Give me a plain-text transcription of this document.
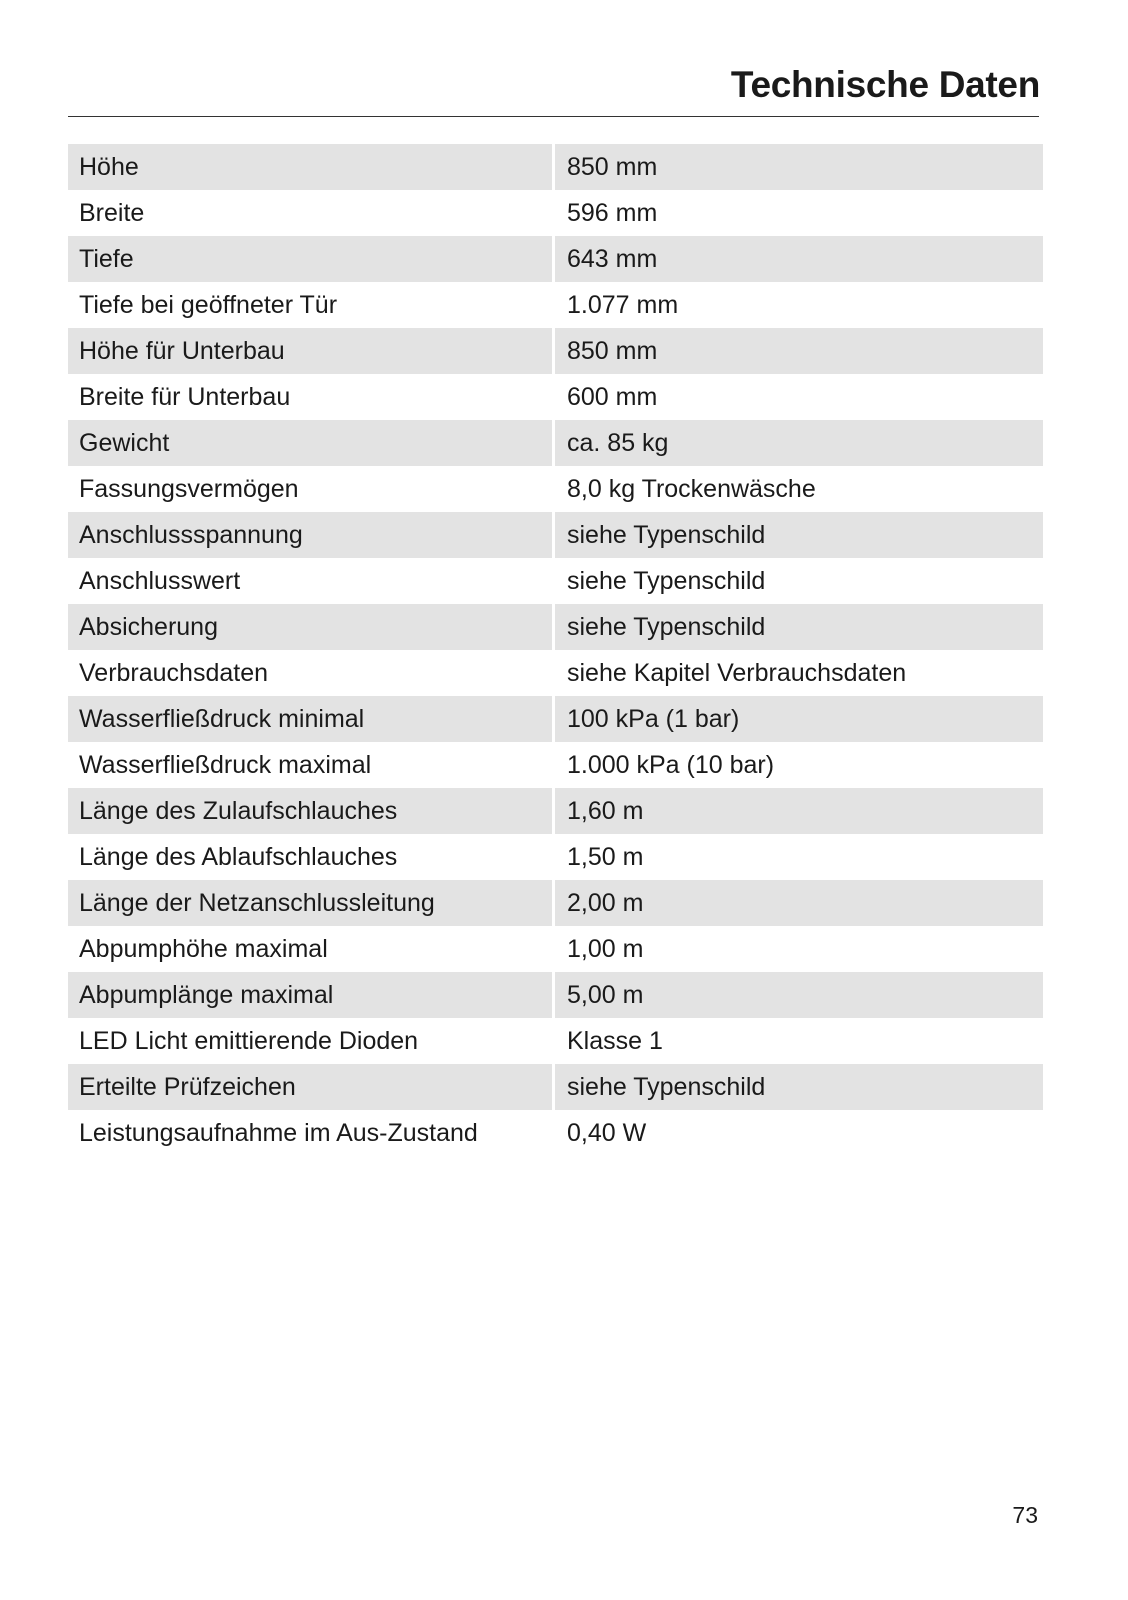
Technische Daten
Höhe	850 mm
Breite	596 mm
Tiefe	643 mm
Tiefe bei geöffneter Tür	1.077 mm
Höhe für Unterbau	850 mm
Breite für Unterbau	600 mm
Gewicht	ca. 85 kg
Fassungsvermögen	8,0 kg Trockenwäsche
Anschlussspannung	siehe Typenschild
Anschlusswert	siehe Typenschild
Absicherung	siehe Typenschild
Verbrauchsdaten	siehe Kapitel Verbrauchsdaten
Wasserfließdruck minimal	100 kPa (1 bar)
Wasserfließdruck maximal	1.000 kPa (10 bar)
Länge des Zulaufschlauches	1,60 m
Länge des Ablaufschlauches	1,50 m
Länge der Netzanschlussleitung	2,00 m
Abpumphöhe maximal	1,00 m
Abpumplänge maximal	5,00 m
LED Licht emittierende Dioden	Klasse 1
Erteilte Prüfzeichen	siehe Typenschild
Leistungsaufnahme im Aus-Zustand	0,40 W
73
